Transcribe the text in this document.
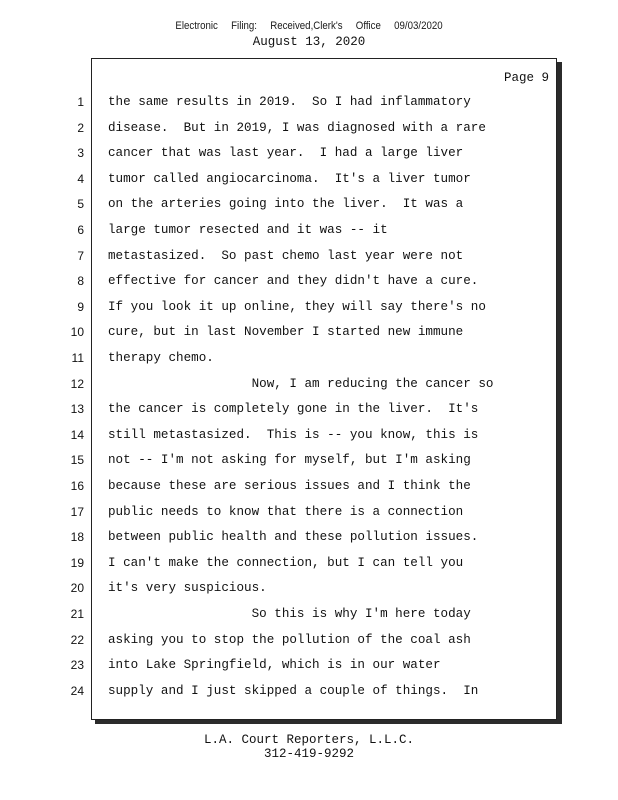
Electronic Filing: Received,Clerk's Office 09/03/2020
August 13, 2020
Page 9
1 the same results in 2019.  So I had inflammatory
2 disease.  But in 2019, I was diagnosed with a rare
3 cancer that was last year.  I had a large liver
4 tumor called angiocarcinoma.  It's a liver tumor
5 on the arteries going into the liver.  It was a
6 large tumor resected and it was -- it
7 metastasized.  So past chemo last year were not
8 effective for cancer and they didn't have a cure.
9 If you look it up online, they will say there's no
10 cure, but in last November I started new immune
11 therapy chemo.
12 Now, I am reducing the cancer so
13 the cancer is completely gone in the liver.  It's
14 still metastasized.  This is -- you know, this is
15 not -- I'm not asking for myself, but I'm asking
16 because these are serious issues and I think the
17 public needs to know that there is a connection
18 between public health and these pollution issues.
19 I can't make the connection, but I can tell you
20 it's very suspicious.
21 So this is why I'm here today
22 asking you to stop the pollution of the coal ash
23 into Lake Springfield, which is in our water
24 supply and I just skipped a couple of things.  In
L.A. Court Reporters, L.L.C.
312-419-9292
